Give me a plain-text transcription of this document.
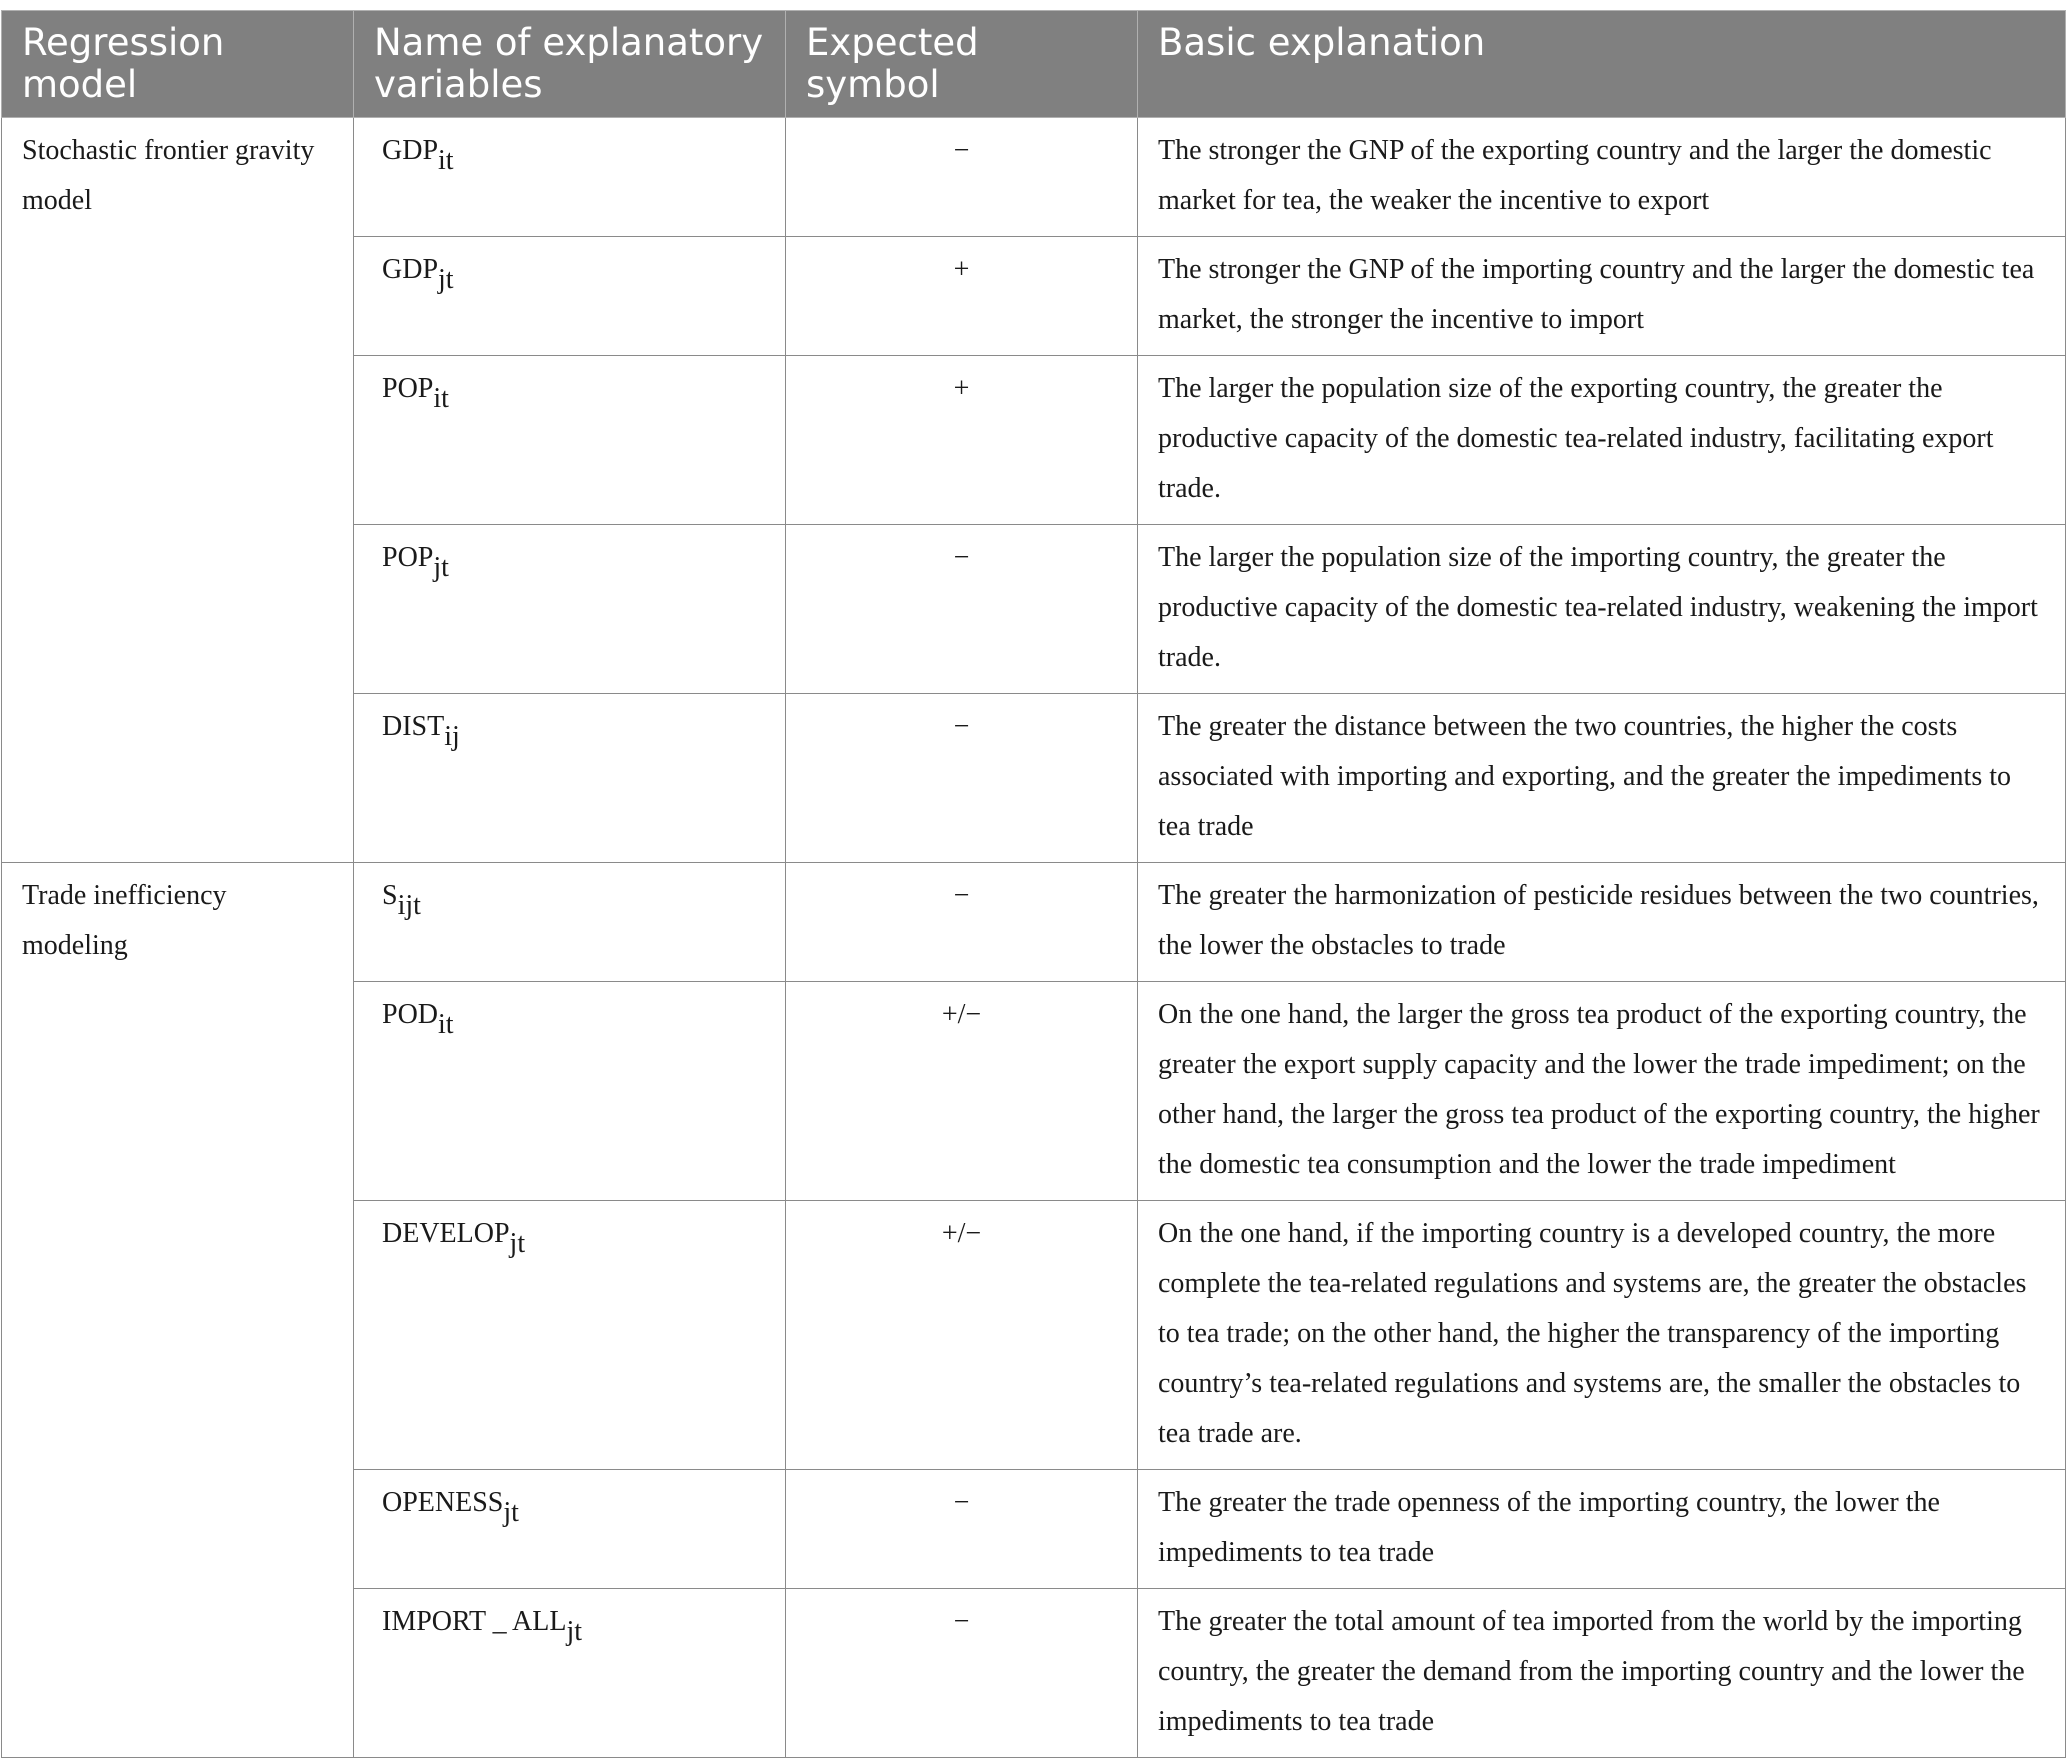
Regression model	Name of explanatory variables	Expected symbol	Basic explanation
Stochastic frontier gravity model	$GDP_{it}$	−	The stronger the GNP of the exporting country and the larger the domestic market for tea, the weaker the incentive to export
	$GDP_{jt}$	+	The stronger the GNP of the importing country and the larger the domestic tea market, the stronger the incentive to import
	$POP_{it}$	+	The larger the population size of the exporting country, the greater the productive capacity of the domestic tea-related industry, facilitating export trade.
	$POP_{jt}$	−	The larger the population size of the importing country, the greater the productive capacity of the domestic tea-related industry, weakening the import trade.
	$DIST_{ij}$	−	The greater the distance between the two countries, the higher the costs associated with importing and exporting, and the greater the impediments to tea trade
Trade inefficiency modeling	$S_{ijt}$	−	The greater the harmonization of pesticide residues between the two countries, the lower the obstacles to trade
	$POD_{it}$	+/−	On the one hand, the larger the gross tea product of the exporting country, the greater the export supply capacity and the lower the trade impediment; on the other hand, the larger the gross tea product of the exporting country, the higher the domestic tea consumption and the lower the trade impediment
	$DEVELOP_{jt}$	+/−	On the one hand, if the importing country is a developed country, the more complete the tea-related regulations and systems are, the greater the obstacles to tea trade; on the other hand, the higher the transparency of the importing country’s tea-related regulations and systems are, the smaller the obstacles to tea trade are.
	$OPENESS_{jt}$	−	The greater the trade openness of the importing country, the lower the impediments to tea trade
	IMPORT _ $ALL_{jt}$	−	The greater the total amount of tea imported from the world by the importing country, the greater the demand from the importing country and the lower the impediments to tea trade
